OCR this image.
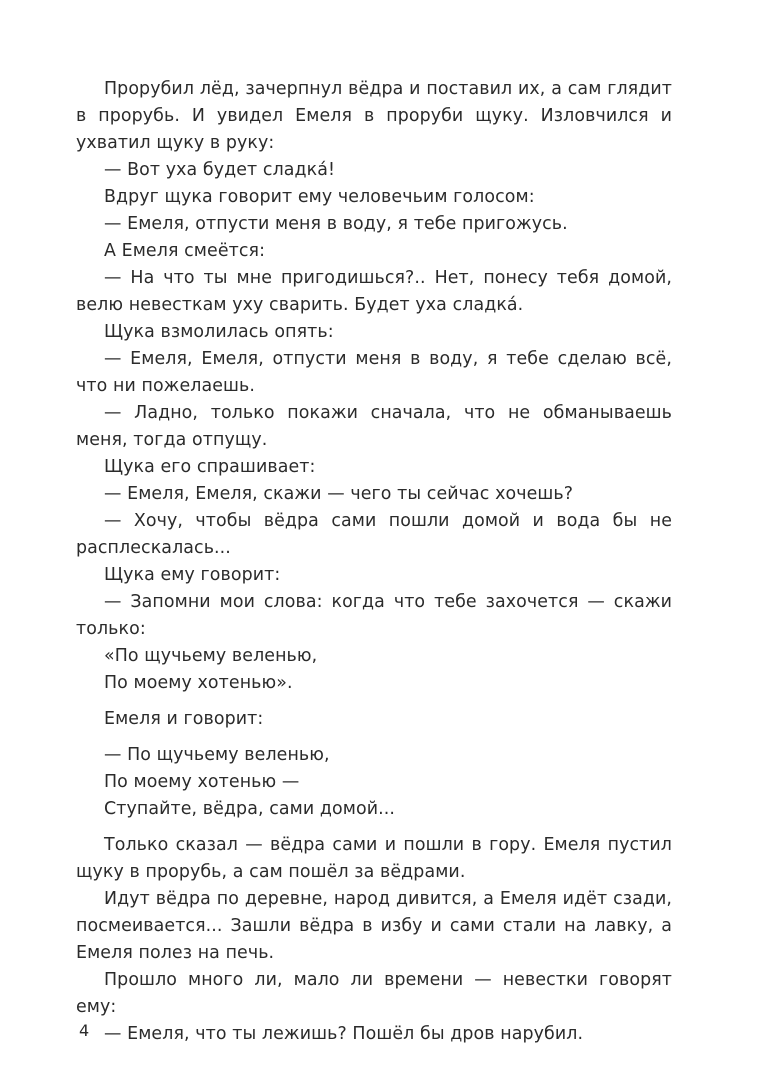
Прорубил лёд, зачерпнул вёдра и поставил их, а сам глядит в прорубь. И увидел Емеля в проруби щуку. Изловчился и ухватил щуку в руку:

— Вот уха будет сладка́!

Вдруг щука говорит ему человечьим голосом:

— Емеля, отпусти меня в воду, я тебе пригожусь.

А Емеля смеётся:

— На что ты мне пригодишься?.. Нет, понесу тебя домой, велю невесткам уху сварить. Будет уха сладка́.

Щука взмолилась опять:

— Емеля, Емеля, отпусти меня в воду, я тебе сделаю всё, что ни пожелаешь.

— Ладно, только покажи сначала, что не обманываешь меня, тогда отпущу.

Щука его спрашивает:

— Емеля, Емеля, скажи — чего ты сейчас хочешь?

— Хочу, чтобы вёдра сами пошли домой и вода бы не расплескалась...

Щука ему говорит:

— Запомни мои слова: когда что тебе захочется — скажи только:

«По щучьему веленью,

По моему хотенью».

Емеля и говорит:

— По щучьему веленью,

По моему хотенью —

Ступайте, вёдра, сами домой...

Только сказал — вёдра сами и пошли в гору. Емеля пустил щуку в прорубь, а сам пошёл за вёдрами.

Идут вёдра по деревне, народ дивится, а Емеля идёт сзади, посмеивается... Зашли вёдра в избу и сами стали на лавку, а Емеля полез на печь.

Прошло много ли, мало ли времени — невестки говорят ему:

— Емеля, что ты лежишь? Пошёл бы дров нарубил.

4
